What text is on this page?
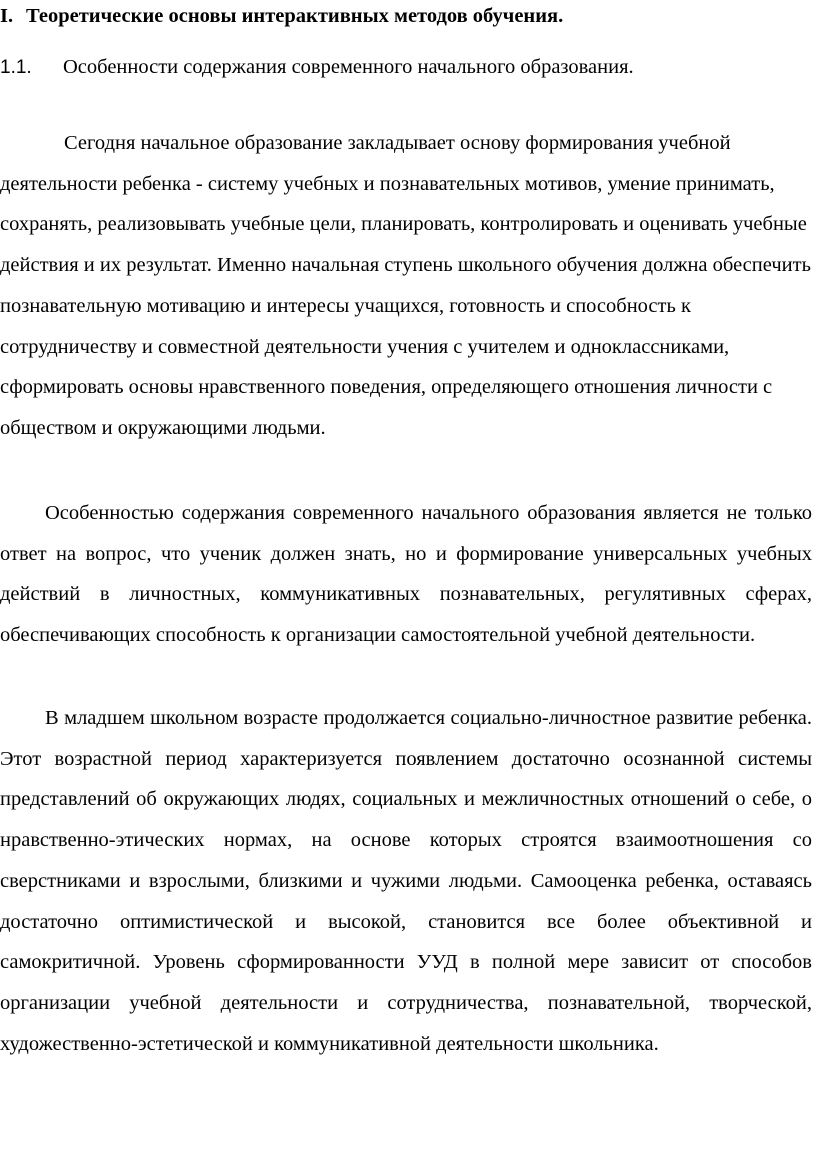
I. Теоретические основы интерактивных методов обучения.
1.1. Особенности содержания современного начального образования.

Сегодня начальное образование закладывает основу формирования учебной деятельности ребенка - систему учебных и познавательных мотивов, умение принимать, сохранять, реализовывать учебные цели, планировать, контролировать и оценивать учебные действия и их результат. Именно начальная ступень школьного обучения должна обеспечить познавательную мотивацию и интересы учащихся, готовность и способность к сотрудничеству и совместной деятельности учения с учителем и одноклассниками, сформировать основы нравственного поведения, определяющего отношения личности с обществом и окружающими людьми.

Особенностью содержания современного начального образования является не только ответ на вопрос, что ученик должен знать, но и формирование универсальных учебных действий в личностных, коммуникативных познавательных, регулятивных сферах, обеспечивающих способность к организации самостоятельной учебной деятельности.

В младшем школьном возрасте продолжается социально-личностное развитие ребенка. Этот возрастной период характеризуется появлением достаточно осознанной системы представлений об окружающих людях, социальных и межличностных отношений о себе, о нравственно-этических нормах, на основе которых строятся взаимоотношения со сверстниками и взрослыми, близкими и чужими людьми. Самооценка ребенка, оставаясь достаточно оптимистической и высокой, становится все более объективной и самокритичной. Уровень сформированности УУД в полной мере зависит от способов организации учебной деятельности и сотрудничества, познавательной, творческой, художественно-эстетической и коммуникативной деятельности школьника.
